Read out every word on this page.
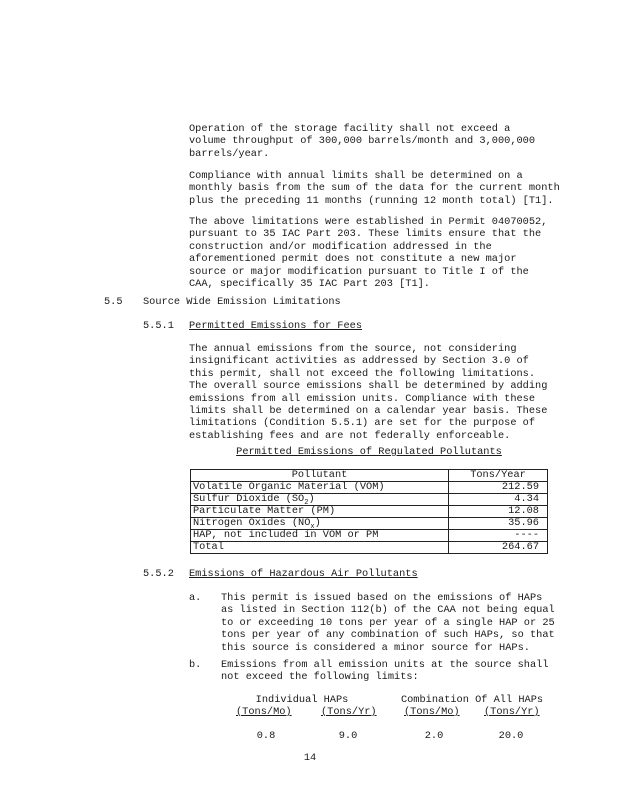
Operation of the storage facility shall not exceed a
volume throughput of 300,000 barrels/month and 3,000,000
barrels/year.

Compliance with annual limits shall be determined on a
monthly basis from the sum of the data for the current month
plus the preceding 11 months (running 12 month total) [T1].

The above limitations were established in Permit 04070052,
pursuant to 35 IAC Part 203. These limits ensure that the
construction and/or modification addressed in the
aforementioned permit does not constitute a new major
source or major modification pursuant to Title I of the
CAA, specifically 35 IAC Part 203 [T1].

5.5 Source Wide Emission Limitations
5.5.1 Permitted Emissions for Fees

The annual emissions from the source, not considering
insignificant activities as addressed by Section 3.0 of
this permit, shall not exceed the following limitations.
The overall source emissions shall be determined by adding
emissions from all emission units. Compliance with these
limits shall be determined on a calendar year basis. These
limitations (Condition 5.5.1) are set for the purpose of
establishing fees and are not federally enforceable.

Permitted Emissions of Regulated Pollutants
Pollutant	Tons/Year
Volatile Organic Material (VOM)	212.59
Sulfur Dioxide $(SO_2)$	4.34
Particulate Matter (PM)	12.08
Nitrogen Oxides $(NO_x)$	35.96
HAP, not included in VOM or PM	----
Total	264.67
5.5.2 Emissions of Hazardous Air Pollutants
a. This permit is issued based on the emissions of HAPs
as listed in Section 112(b) of the CAA not being equal
to or exceeding 10 tons per year of a single HAP or 25
tons per year of any combination of such HAPs, so that
this source is considered a minor source for HAPs.

b. Emissions from all emission units at the source shall
not exceed the following limits:

Individual HAPs	Combination Of All HAPs
(Tons/Mo)	(Tons/Yr)	(Tons/Mo) (Tons/Yr)
0.8	9.0	2.0	20.0
14
